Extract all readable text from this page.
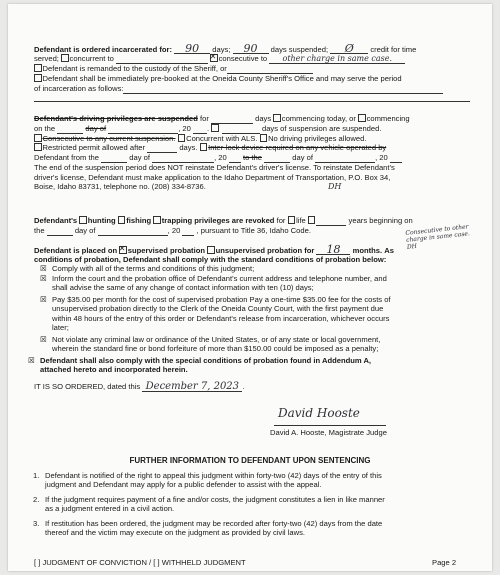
Defendant is ordered incarcerated for: 90 days; 90 days suspended; Ø credit for time
served; concurrent to ✕	consecutive to other charge in same case.
Defendant is remanded to the custody of the Sheriff, or
Defendant shall be immediately pre-booked at the Oneida County Sheriff's Office and may serve the period
of incarceration as follows:
Defendant's driving privileges are suspended for	days commencing today, or commencing
on the	day of	, 20 .	days of suspension are suspended.
Consecutive to any current suspension. Concurrent with ALS. No driving privileges allowed.
Restricted permit allowed after	days. Inter-lock device required on any vehicle operated by
Defendant from the	day of	, 20 to the	day of	, 20
The end of the suspension period does NOT reinstate Defendant's driver's license. To reinstate Defendant's
driver's license, Defendant must make application to the Idaho Department of Transportation, P.O. Box 34,
Boise, Idaho 83731, telephone no. (208) 334-8736.	DH
Defendant's hunting fishing trapping privileges are revoked for life	years beginning on
the	day of	, 20 , pursuant to Title 36, Idaho Code.	Consecutive to other charge in same case. DH
Defendant is placed on ✕ supervised probation unsupervised probation for 18 months. As
conditions of probation, Defendant shall comply with the standard conditions of probation below:
☒ Comply with all of the terms and conditions of this judgment;
☒ Inform the court and the probation office of Defendant's current address and telephone number, and
shall advise the same of any change of contact information with ten (10) days;
☒ Pay $35.00 per month for the cost of supervised probation Pay a one-time $35.00 fee for the costs of
unsupervised probation directly to the Clerk of the Oneida County Court, with the first payment due
within 48 hours of the entry of this order or Defendant's release from incarceration, whichever occurs
later;
☒ Not violate any criminal law or ordinance of the United States, or of any state or local government,
wherein the standard fine or bond forfeiture of more than $150.00 could be imposed as a penalty;
☒ Defendant shall also comply with the special conditions of probation found in Addendum A,
attached hereto and incorporated herein.
IT IS SO ORDERED, dated this December 7, 2023 .
David Hooste
David A. Hooste, Magistrate Judge
FURTHER INFORMATION TO DEFENDANT UPON SENTENCING
1. Defendant is notified of the right to appeal this judgment within forty-two (42) days of the entry of this
judgment and Defendant may apply for a public defender to assist with the appeal.
2. If the judgment requires payment of a fine and/or costs, the judgment constitutes a lien in like manner
as a judgment entered in a civil action.
3. If restitution has been ordered, the judgment may be recorded after forty-two (42) days from the date
thereof and the victim may execute on the judgment as provided by civil laws.
[ ] JUDGMENT OF CONVICTION / [ ] WITHHELD JUDGMENT	Page 2
